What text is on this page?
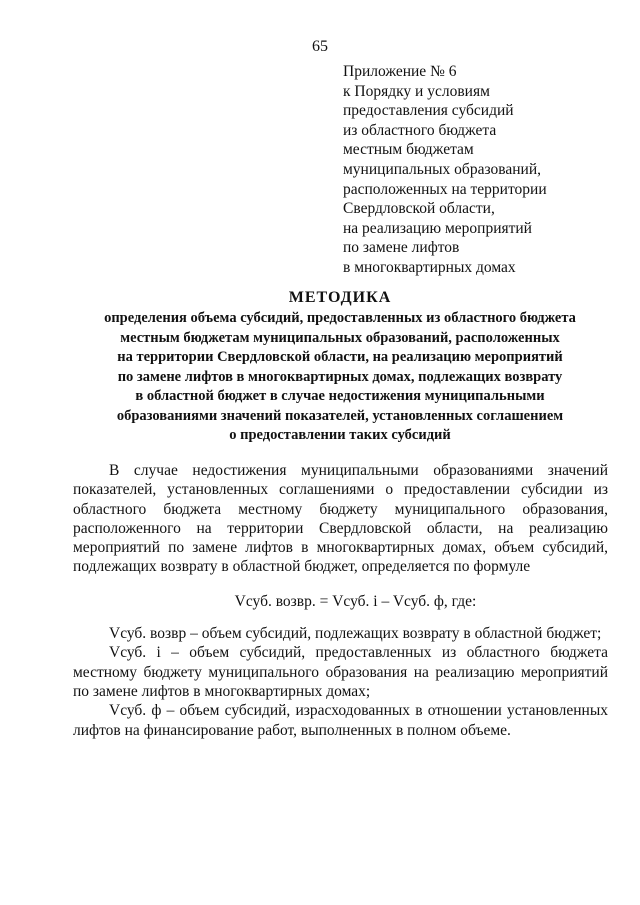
65
Приложение № 6
к Порядку и условиям
предоставления субсидий
из областного бюджета
местным бюджетам
муниципальных образований,
расположенных на территории
Свердловской области,
на реализацию мероприятий
по замене лифтов
в многоквартирных домах
МЕТОДИКА
определения объема субсидий, предоставленных из областного бюджета
местным бюджетам муниципальных образований, расположенных
на территории Свердловской области, на реализацию мероприятий
по замене лифтов в многоквартирных домах, подлежащих возврату
в областной бюджет в случае недостижения муниципальными
образованиями значений показателей, установленных соглашением
о предоставлении таких субсидий

В случае недостижения муниципальными образованиями значений показателей, установленных соглашениями о предоставлении субсидии из областного бюджета местному бюджету муниципального образования, расположенного на территории Свердловской области, на реализацию мероприятий по замене лифтов в многоквартирных домах, объем субсидий, подлежащих возврату в областной бюджет, определяется по формуле

Vсуб. возвр. = Vсуб. i – Vсуб. ф, где:

Vсуб. возвр – объем субсидий, подлежащих возврату в областной бюджет;

Vсуб. i – объем субсидий, предоставленных из областного бюджета местному бюджету муниципального образования на реализацию мероприятий по замене лифтов в многоквартирных домах;

Vсуб. ф – объем субсидий, израсходованных в отношении установленных лифтов на финансирование работ, выполненных в полном объеме.
